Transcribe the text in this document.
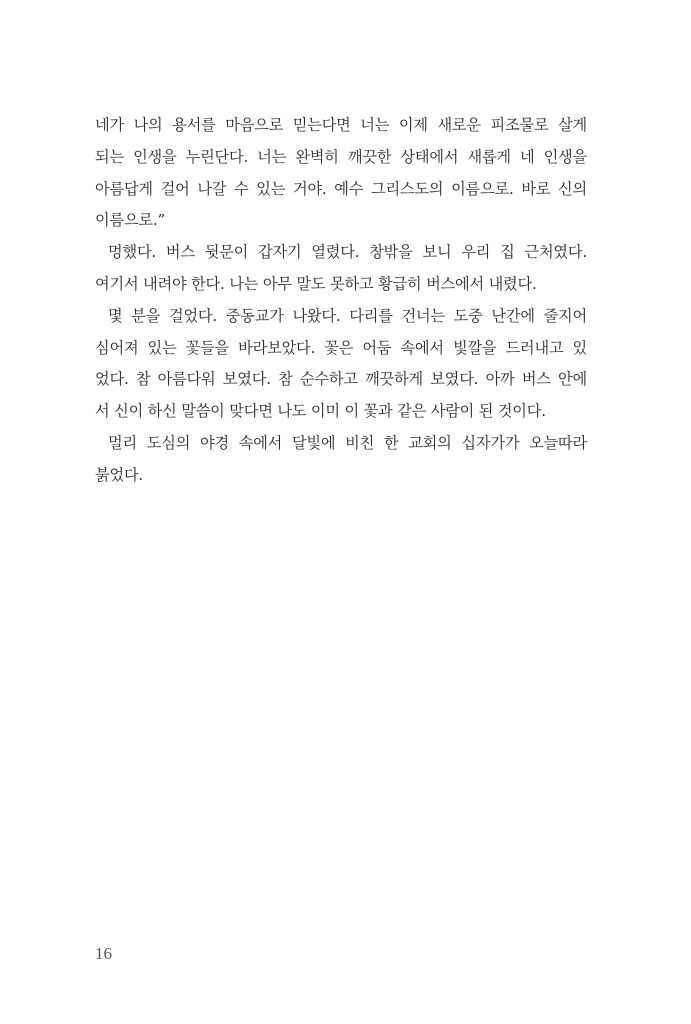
네가 나의 용서를 마음으로 믿는다면 너는 이제 새로운 피조물로 살게
되는 인생을 누린단다. 너는 완벽히 깨끗한 상태에서 새롭게 네 인생을
아름답게 걸어 나갈 수 있는 거야. 예수 그리스도의 이름으로. 바로 신의
이름으로.”
멍했다. 버스 뒷문이 갑자기 열렸다. 창밖을 보니 우리 집 근처였다.
여기서 내려야 한다. 나는 아무 말도 못하고 황급히 버스에서 내렸다.
몇 분을 걸었다. 중동교가 나왔다. 다리를 건너는 도중 난간에 줄지어
심어져 있는 꽃들을 바라보았다. 꽃은 어둠 속에서 빛깔을 드러내고 있
었다. 참 아름다워 보였다. 참 순수하고 깨끗하게 보였다. 아까 버스 안에
서 신이 하신 말씀이 맞다면 나도 이미 이 꽃과 같은 사람이 된 것이다.
멀리 도심의 야경 속에서 달빛에 비친 한 교회의 십자가가 오늘따라
붉었다.
16
